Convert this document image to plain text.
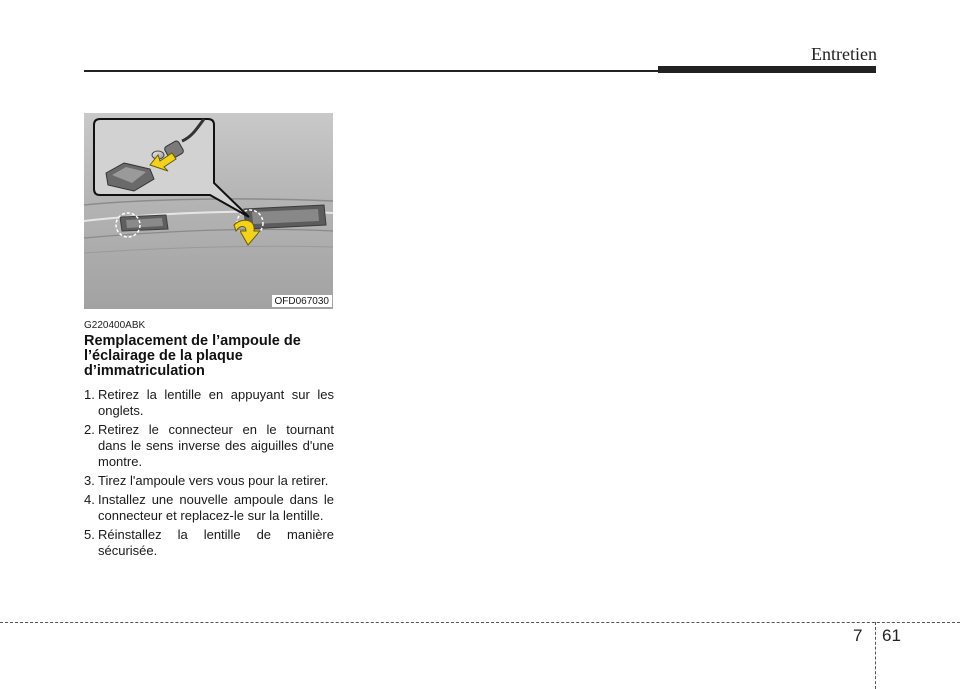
Entretien
OFD067030
G220400ABK
Remplacement de l’ampoule de l’éclairage de la plaque d’immatriculation
1. Retirez la lentille en appuyant sur les onglets.
2. Retirez le connecteur en le tournant dans le sens inverse des aiguilles d'une montre.
3. Tirez l'ampoule vers vous pour la retirer.
4. Installez une nouvelle ampoule dans le connecteur et replacez-le sur la lentille.
5. Réinstallez la lentille de manière sécurisée.
7 61
